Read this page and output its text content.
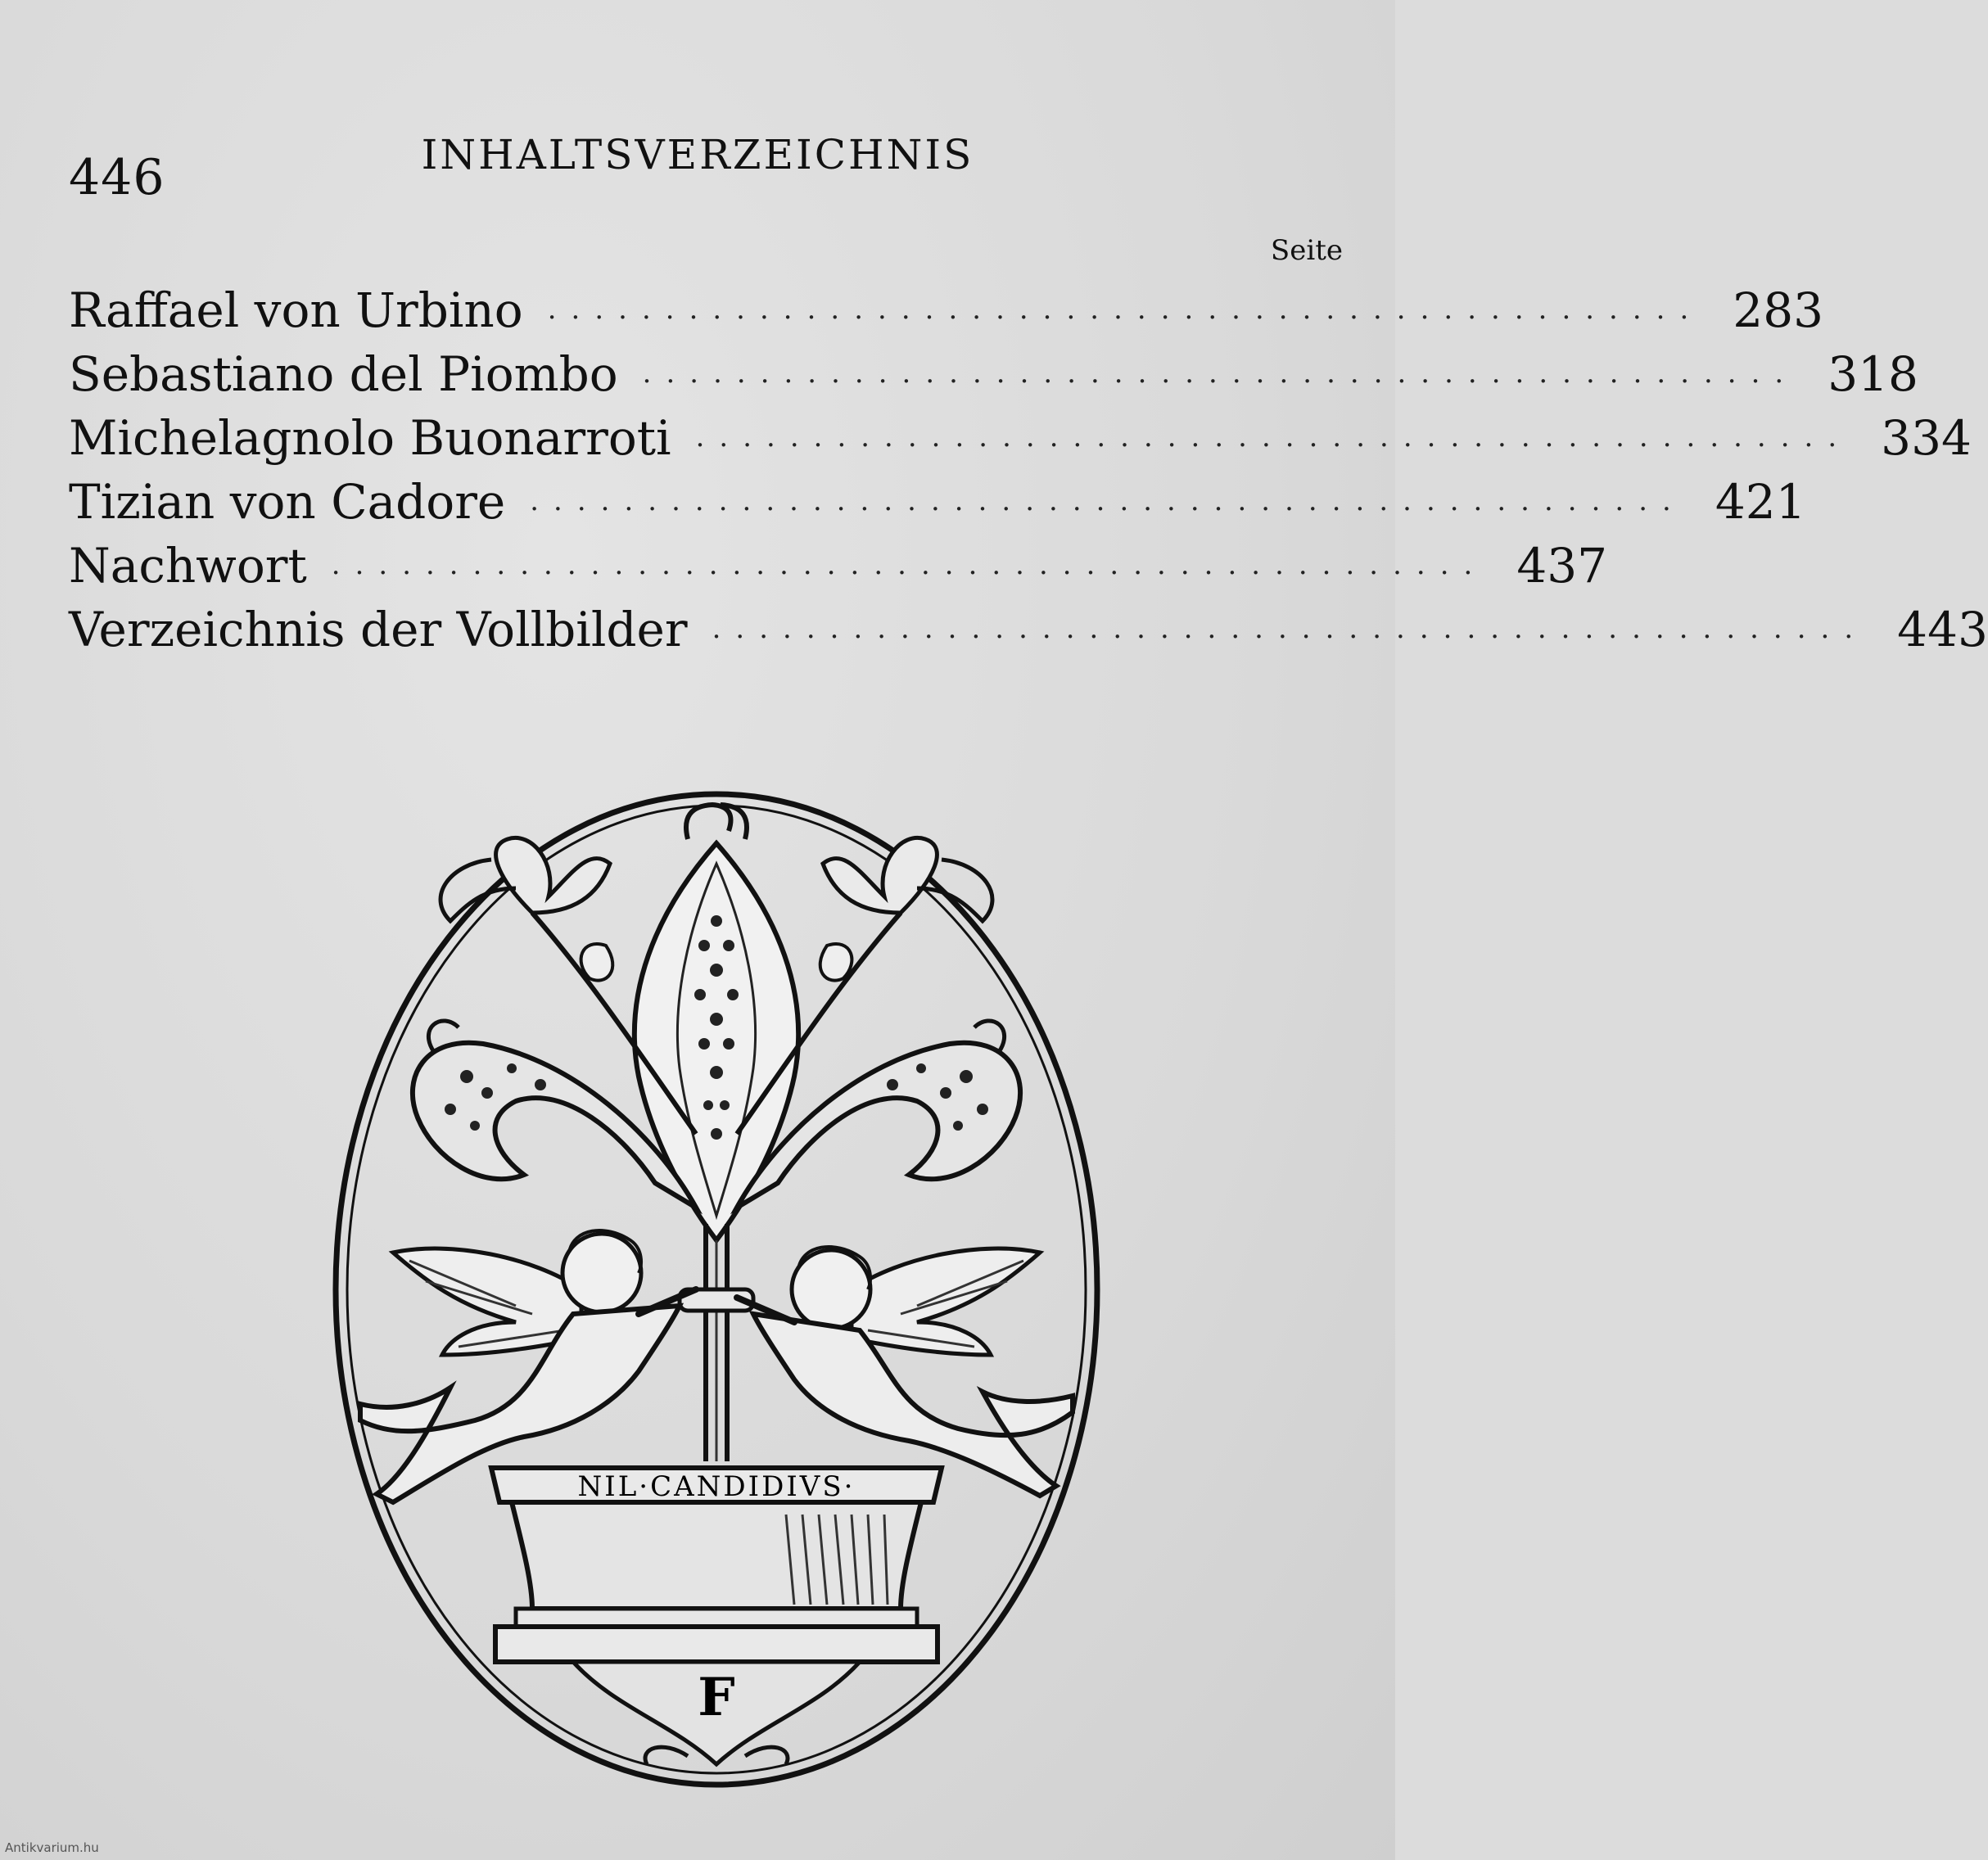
446	INHALTSVERZEICHNIS
Seite
Raffael von Urbino ················································· 283
Sebastiano del Piombo ················································· 318
Michelagnolo Buonarroti ················································· 334
Tizian von Cadore ················································· 421
Nachwort ················································· 437
Verzeichnis der Vollbilder ················································· 443
NIL·CANDIDIVS·
F
Antikvarium.hu
